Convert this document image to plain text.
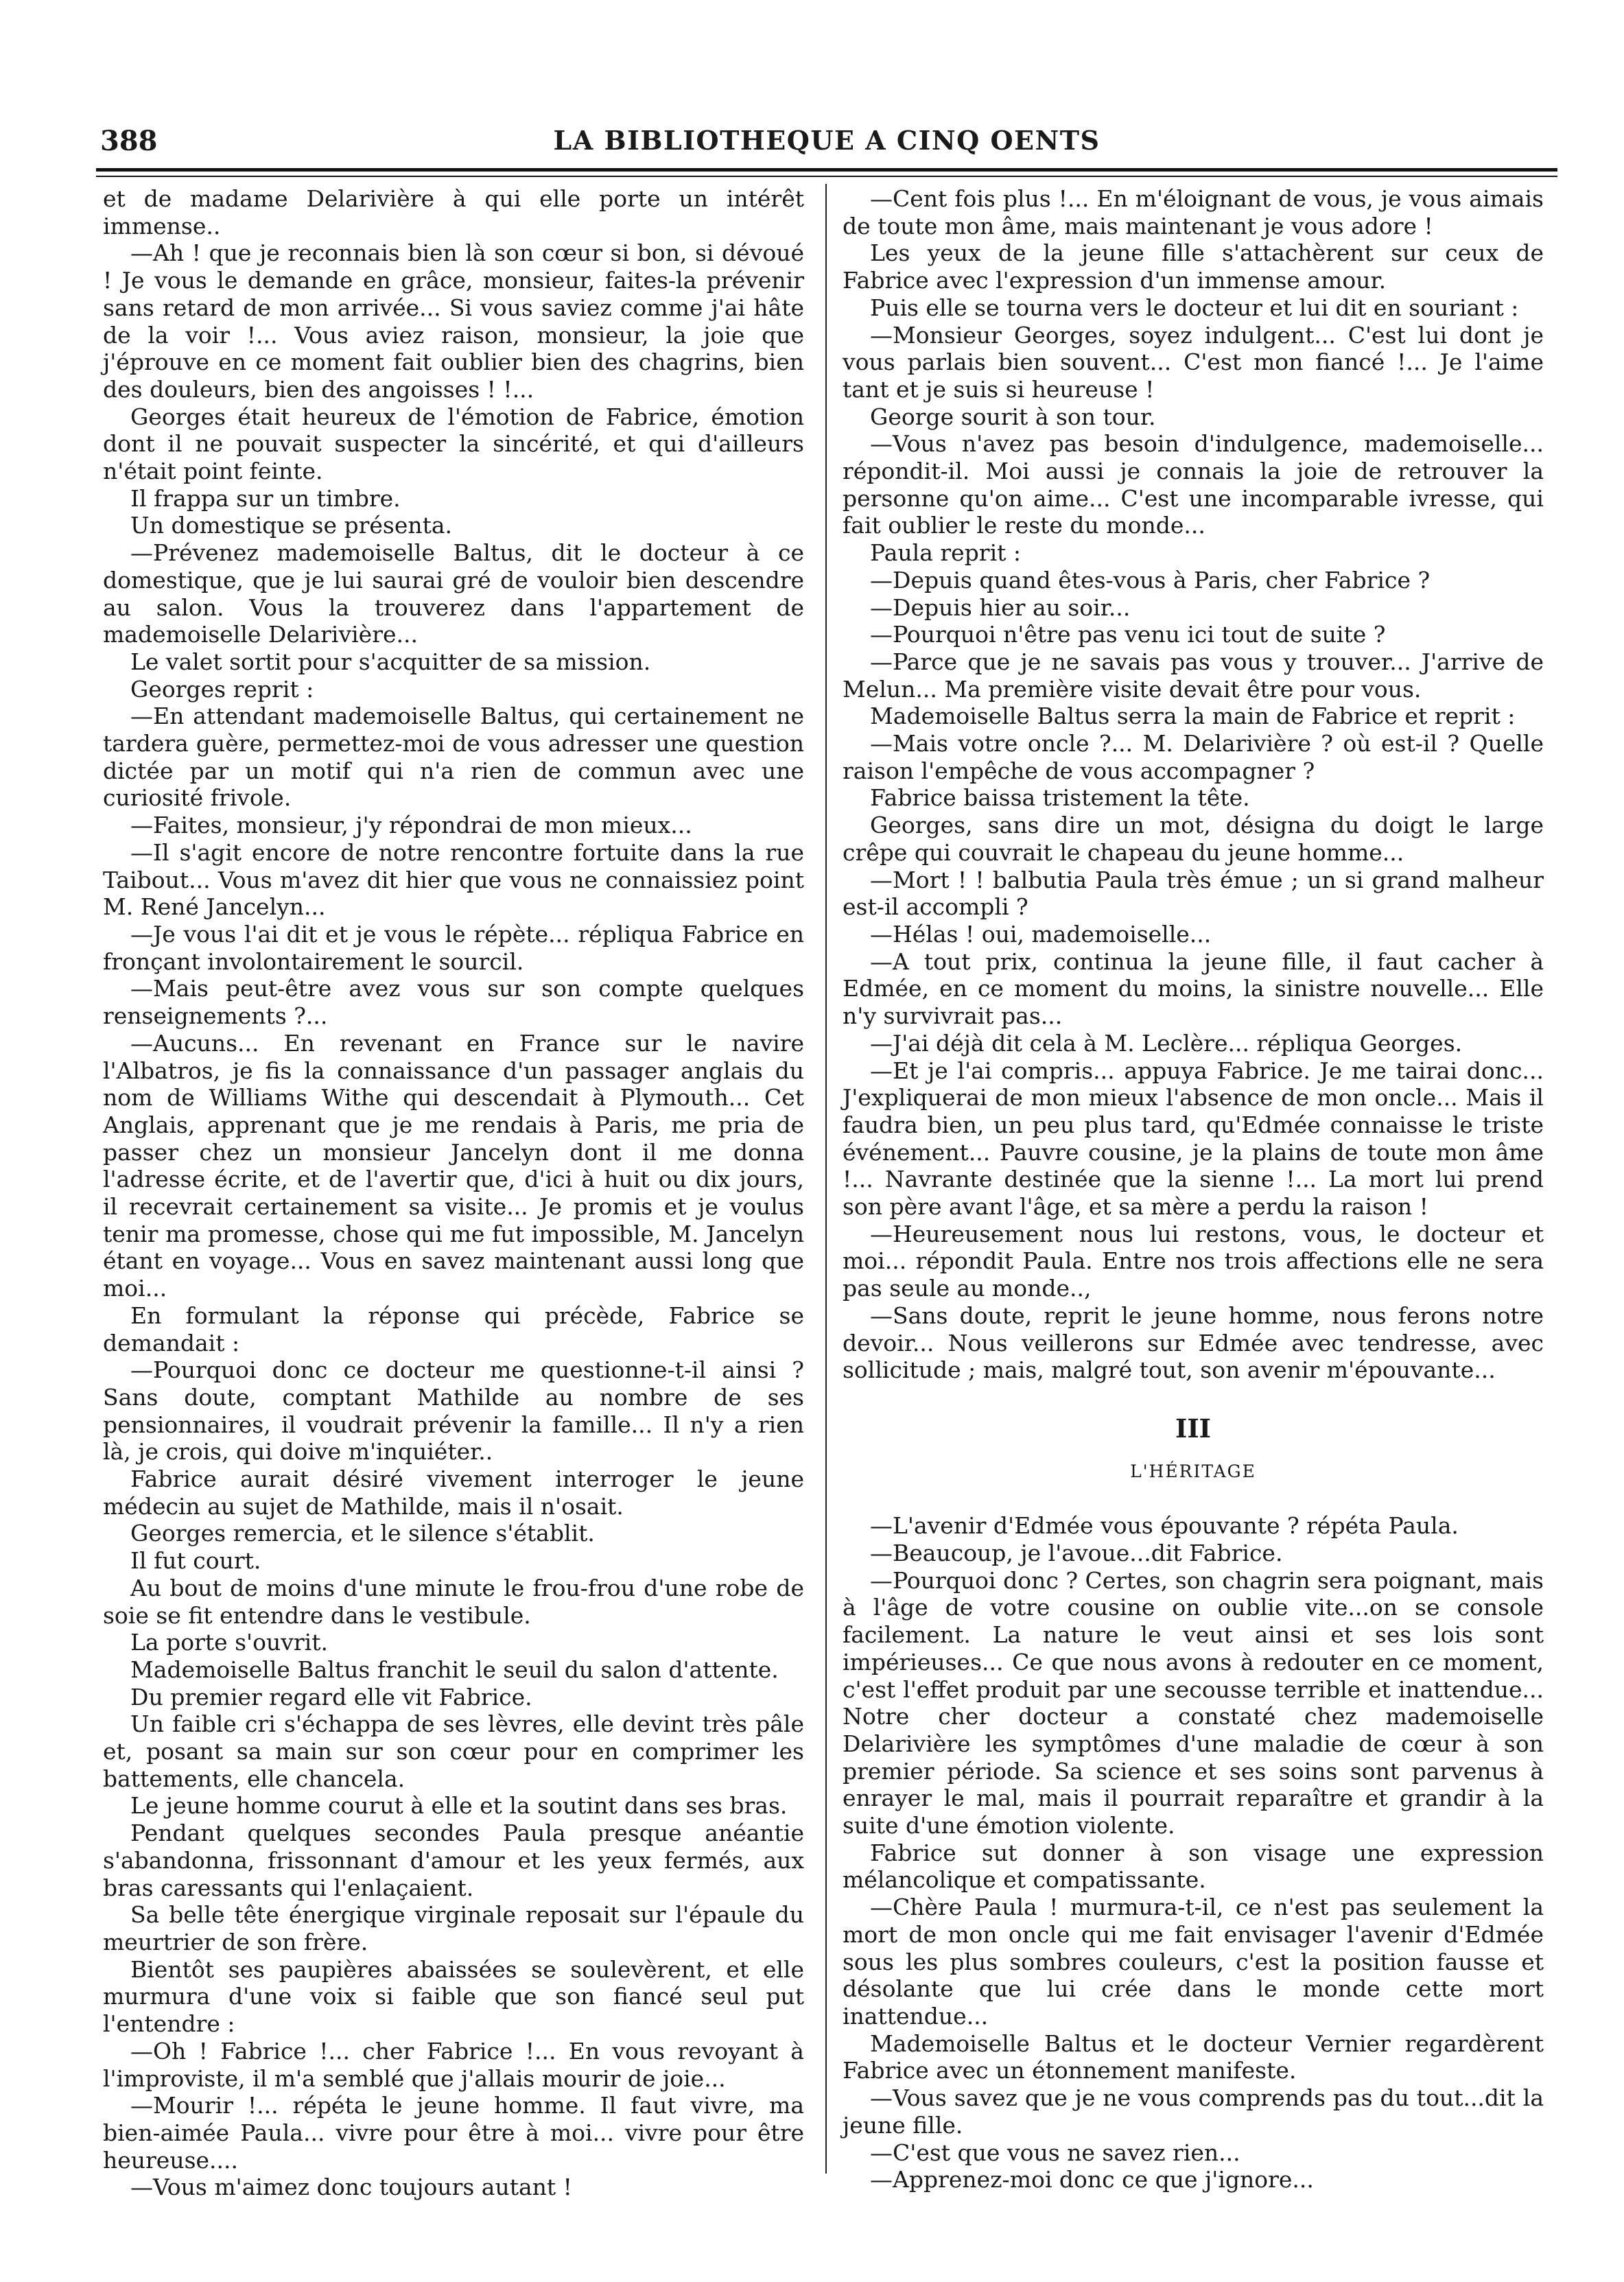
388	LA BIBLIOTHEQUE A CINQ OENTS

et de madame Delarivière à qui elle porte un intérêt immense..

—Ah ! que je reconnais bien là son cœur si bon, si dévoué ! Je vous le demande en grâce, monsieur, faites-la prévenir sans retard de mon arrivée... Si vous saviez comme j'ai hâte de la voir !... Vous aviez raison, monsieur, la joie que j'éprouve en ce moment fait oublier bien des chagrins, bien des douleurs, bien des angoisses ! !...

Georges était heureux de l'émotion de Fabrice, émotion dont il ne pouvait suspecter la sincérité, et qui d'ailleurs n'était point feinte.

Il frappa sur un timbre.

Un domestique se présenta.

—Prévenez mademoiselle Baltus, dit le docteur à ce domestique, que je lui saurai gré de vouloir bien descendre au salon. Vous la trouverez dans l'appartement de mademoiselle Delarivière...

Le valet sortit pour s'acquitter de sa mission.

Georges reprit :

—En attendant mademoiselle Baltus, qui certainement ne tardera guère, permettez-moi de vous adresser une question dictée par un motif qui n'a rien de commun avec une curiosité frivole.

—Faites, monsieur, j'y répondrai de mon mieux...

—Il s'agit encore de notre rencontre fortuite dans la rue Taibout... Vous m'avez dit hier que vous ne connaissiez point M. René Jancelyn...

—Je vous l'ai dit et je vous le répète... répliqua Fabrice en fronçant involontairement le sourcil.

—Mais peut-être avez vous sur son compte quelques renseignements ?...

—Aucuns... En revenant en France sur le navire l'Albatros, je fis la connaissance d'un passager anglais du nom de Williams Withe qui descendait à Plymouth... Cet Anglais, apprenant que je me rendais à Paris, me pria de passer chez un monsieur Jancelyn dont il me donna l'adresse écrite, et de l'avertir que, d'ici à huit ou dix jours, il recevrait certainement sa visite... Je promis et je voulus tenir ma promesse, chose qui me fut impossible, M. Jancelyn étant en voyage... Vous en savez maintenant aussi long que moi...

En formulant la réponse qui précède, Fabrice se demandait :

—Pourquoi donc ce docteur me questionne-t-il ainsi ? Sans doute, comptant Mathilde au nombre de ses pensionnaires, il voudrait prévenir la famille... Il n'y a rien là, je crois, qui doive m'inquiéter..

Fabrice aurait désiré vivement interroger le jeune médecin au sujet de Mathilde, mais il n'osait.

Georges remercia, et le silence s'établit.

Il fut court.

Au bout de moins d'une minute le frou-frou d'une robe de soie se fit entendre dans le vestibule.

La porte s'ouvrit.

Mademoiselle Baltus franchit le seuil du salon d'attente.

Du premier regard elle vit Fabrice.

Un faible cri s'échappa de ses lèvres, elle devint très pâle et, posant sa main sur son cœur pour en comprimer les battements, elle chancela.

Le jeune homme courut à elle et la soutint dans ses bras.

Pendant quelques secondes Paula presque anéantie s'abandonna, frissonnant d'amour et les yeux fermés, aux bras caressants qui l'enlaçaient.

Sa belle tête énergique virginale reposait sur l'épaule du meurtrier de son frère.

Bientôt ses paupières abaissées se soulevèrent, et elle murmura d'une voix si faible que son fiancé seul put l'entendre :

—Oh ! Fabrice !... cher Fabrice !... En vous revoyant à l'improviste, il m'a semblé que j'allais mourir de joie...

—Mourir !... répéta le jeune homme. Il faut vivre, ma bien-aimée Paula... vivre pour être à moi... vivre pour être heureuse....

—Vous m'aimez donc toujours autant !

—Cent fois plus !... En m'éloignant de vous, je vous aimais de toute mon âme, mais maintenant je vous adore !

Les yeux de la jeune fille s'attachèrent sur ceux de Fabrice avec l'expression d'un immense amour.

Puis elle se tourna vers le docteur et lui dit en souriant :

—Monsieur Georges, soyez indulgent... C'est lui dont je vous parlais bien souvent... C'est mon fiancé !... Je l'aime tant et je suis si heureuse !

George sourit à son tour.

—Vous n'avez pas besoin d'indulgence, mademoiselle... répondit-il. Moi aussi je connais la joie de retrouver la personne qu'on aime... C'est une incomparable ivresse, qui fait oublier le reste du monde...

Paula reprit :

—Depuis quand êtes-vous à Paris, cher Fabrice ?

—Depuis hier au soir...

—Pourquoi n'être pas venu ici tout de suite ?

—Parce que je ne savais pas vous y trouver... J'arrive de Melun... Ma première visite devait être pour vous.

Mademoiselle Baltus serra la main de Fabrice et reprit :

—Mais votre oncle ?... M. Delarivière ? où est-il ? Quelle raison l'empêche de vous accompagner ?

Fabrice baissa tristement la tête.

Georges, sans dire un mot, désigna du doigt le large crêpe qui couvrait le chapeau du jeune homme...

—Mort ! ! balbutia Paula très émue ; un si grand malheur est-il accompli ?

—Hélas ! oui, mademoiselle...

—A tout prix, continua la jeune fille, il faut cacher à Edmée, en ce moment du moins, la sinistre nouvelle... Elle n'y survivrait pas...

—J'ai déjà dit cela à M. Leclère... répliqua Georges.

—Et je l'ai compris... appuya Fabrice. Je me tairai donc... J'expliquerai de mon mieux l'absence de mon oncle... Mais il faudra bien, un peu plus tard, qu'Edmée connaisse le triste événement... Pauvre cousine, je la plains de toute mon âme !... Navrante destinée que la sienne !... La mort lui prend son père avant l'âge, et sa mère a perdu la raison !

—Heureusement nous lui restons, vous, le docteur et moi... répondit Paula. Entre nos trois affections elle ne sera pas seule au monde..,

—Sans doute, reprit le jeune homme, nous ferons notre devoir... Nous veillerons sur Edmée avec tendresse, avec sollicitude ; mais, malgré tout, son avenir m'épouvante...

III
L'HÉRITAGE

—L'avenir d'Edmée vous épouvante ? répéta Paula.

—Beaucoup, je l'avoue...dit Fabrice.

—Pourquoi donc ? Certes, son chagrin sera poignant, mais à l'âge de votre cousine on oublie vite...on se console facilement. La nature le veut ainsi et ses lois sont impérieuses... Ce que nous avons à redouter en ce moment, c'est l'effet produit par une secousse terrible et inattendue... Notre cher docteur a constaté chez mademoiselle Delarivière les symptômes d'une maladie de cœur à son premier période. Sa science et ses soins sont parvenus à enrayer le mal, mais il pourrait reparaître et grandir à la suite d'une émotion violente.

Fabrice sut donner à son visage une expression mélancolique et compatissante.

—Chère Paula ! murmura-t-il, ce n'est pas seulement la mort de mon oncle qui me fait envisager l'avenir d'Edmée sous les plus sombres couleurs, c'est la position fausse et désolante que lui crée dans le monde cette mort inattendue...

Mademoiselle Baltus et le docteur Vernier regardèrent Fabrice avec un étonnement manifeste.

—Vous savez que je ne vous comprends pas du tout...dit la jeune fille.

—C'est que vous ne savez rien...

—Apprenez-moi donc ce que j'ignore...
